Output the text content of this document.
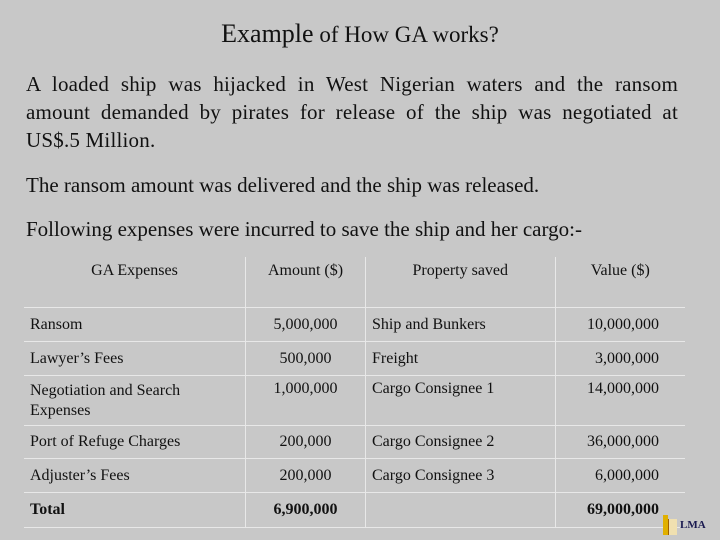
Example of How GA works?
A loaded ship was hijacked in West Nigerian waters and the ransom amount demanded by pirates for release of the ship was negotiated at US$.5 Million.
The ransom amount was delivered and the ship was released.
Following expenses were incurred to save the ship and her cargo:-
GA Expenses	Amount ($)	Property saved	Value ($)
Ransom	5,000,000	Ship and Bunkers	10,000,000
Lawyer’s Fees	500,000	Freight	3,000,000
Negotiation and Search Expenses	1,000,000	Cargo Consignee 1	14,000,000
Port of Refuge Charges	200,000	Cargo Consignee 2	36,000,000
Adjuster’s Fees	200,000	Cargo Consignee 3	6,000,000
Total	6,900,000		69,000,000
LMA
